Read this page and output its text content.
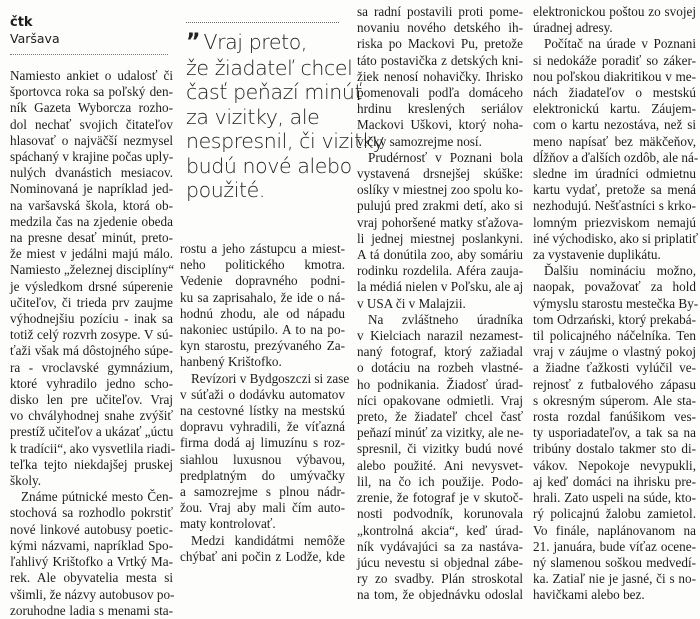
čtk
Varšava
Namiesto ankiet o udalosť či
športovca roka sa poľský den-
ník Gazeta Wyborcza rozho-
dol nechať svojich čitateľov
hlasovať o najväčší nezmysel
spáchaný v krajine počas uply-
nulých dvanástich mesiacov.
Nominovaná je napríklad jed-
na varšavská škola, ktorá ob-
medzila čas na zjedenie obeda
na presne desať minút, preto-
že miest v jedálni majú málo.
Namiesto „železnej disciplíny“
je výsledkom drsné súperenie
učiteľov, či trieda prv zaujme
výhodnejšiu pozíciu - inak sa
totiž celý rozvrh zosype. V sú-
ťaži však má dôstojného súpe-
ra - vroclavské gymnázium,
ktoré vyhradilo jedno scho-
disko len pre učiteľov. Vraj
vo chvályhodnej snahe zvýšiť
prestíž učiteľov a ukázať „úctu
k tradícii“, ako vysvetlila riadi-
teľka tejto niekdajšej pruskej
školy.
Známe pútnické mesto Čen-
stochová sa rozhodlo pokrstiť
nové linkové autobusy poetic-
kými názvami, napríklad Spo-
ľahlivý Krištofko a Vrtký Ma-
rek. Ale obyvatelia mesta si
všimli, že názvy autobusov po-
zoruhodne ladia s menami sta-
” Vraj preto,
že žiadateľ chcel
časť peňazí minúť
za vizitky, ale
nespresnil, či vizitky
budú nové alebo
použité.
rostu a jeho zástupcu a miest-
neho politického kmotra.
Vedenie dopravného podni-
ku sa zaprisahalo, že ide o ná-
hodnú zhodu, ale od nápadu
nakoniec ustúpilo. A to na po-
kyn starostu, prezývaného Za-
hanbený Krištofko.
Revízori v Bydgoszczi si zase
v súťaži o dodávku automatov
na cestovné lístky na mestskú
dopravu vyhradili, že víťazná
firma dodá aj limuzínu s roz-
siahlou luxusnou výbavou,
predplatným do umývačky
a samozrejme s plnou nádr-
žou. Vraj aby mali čím auto-
maty kontrolovať.
Medzi kandidátmi nemôže
chýbať ani počin z Lodže, kde
sa radní postavili proti pome-
novaniu nového detského ih-
riska po Mackovi Pu, pretože
táto postavička z detských kni-
žiek nenosí nohavičky. Ihrisko
pomenovali podľa domáceho
hrdinu kreslených seriálov
Mackovi Uškovi, ktorý noha-
vičky samozrejme nosí.
Prudérnosť v Poznani bola
vystavená drsnejšej skúške:
oslíky v miestnej zoo spolu ko-
pulujú pred zrakmi detí, ako si
vraj pohoršené matky sťažova-
li jednej miestnej poslankyni.
A tá donútila zoo, aby somáriu
rodinku rozdelila. Aféra zauja-
la médiá nielen v Poľsku, ale aj
v USA či v Malajzii.
Na zvláštneho úradníka
v Kielciach narazil nezamest-
naný fotograf, ktorý zažiadal
o dotáciu na rozbeh vlastné-
ho podnikania. Žiadosť úrad-
níci opakovane odmietli. Vraj
preto, že žiadateľ chcel časť
peňazí minúť za vizitky, ale ne-
spresnil, či vizitky budú nové
alebo použité. Ani nevysvet-
lil, na čo ich použije. Podo-
zrenie, že fotograf je v skutoč-
nosti podvodník, korunovala
„kontrolná akcia“, keď úrad-
ník vydávajúci sa za nastáva-
júcu nevestu si objednal zábe-
ry zo svadby. Plán stroskotal
na tom, že objednávku odoslal
elektronickou poštou zo svojej
úradnej adresy.
Počítač na úrade v Poznani
si nedokáže poradiť so záker-
nou poľskou diakritikou v me-
nách žiadateľov o mestskú
elektronickú kartu. Záujem-
com o kartu nezostáva, než si
meno napísať bez mäkčeňov,
dĺžňov a ďalších ozdôb, ale ná-
sledne im úradníci odmietnu
kartu vydať, pretože sa mená
nezhodujú. Nešťastníci s krko-
lomným priezviskom nemajú
iné východisko, ako si priplatiť
za vystavenie duplikátu.
Ďalšiu nomináciu možno,
naopak, považovať za hold
výmyslu starostu mestečka By-
tom Odrzański, ktorý prekabá-
til policajného náčelníka. Ten
vraj v záujme o vlastný pokoj
a žiadne ťažkosti vylúčil ve-
rejnosť z futbalového zápasu
s okresným súperom. Ale sta-
rosta rozdal fanúšikom ves-
ty usporiadateľov, a tak sa na
tribúny dostalo takmer sto di-
vákov. Nepokoje nevypukli,
aj keď domáci na ihrisku pre-
hrali. Zato uspeli na súde, kto-
rý policajnú žalobu zamietol.
Vo finále, naplánovanom na
21. januára, bude víťaz ocene-
ný slamenou soškou medvedí-
ka. Zatiaľ nie je jasné, či s no-
havičkami alebo bez.
